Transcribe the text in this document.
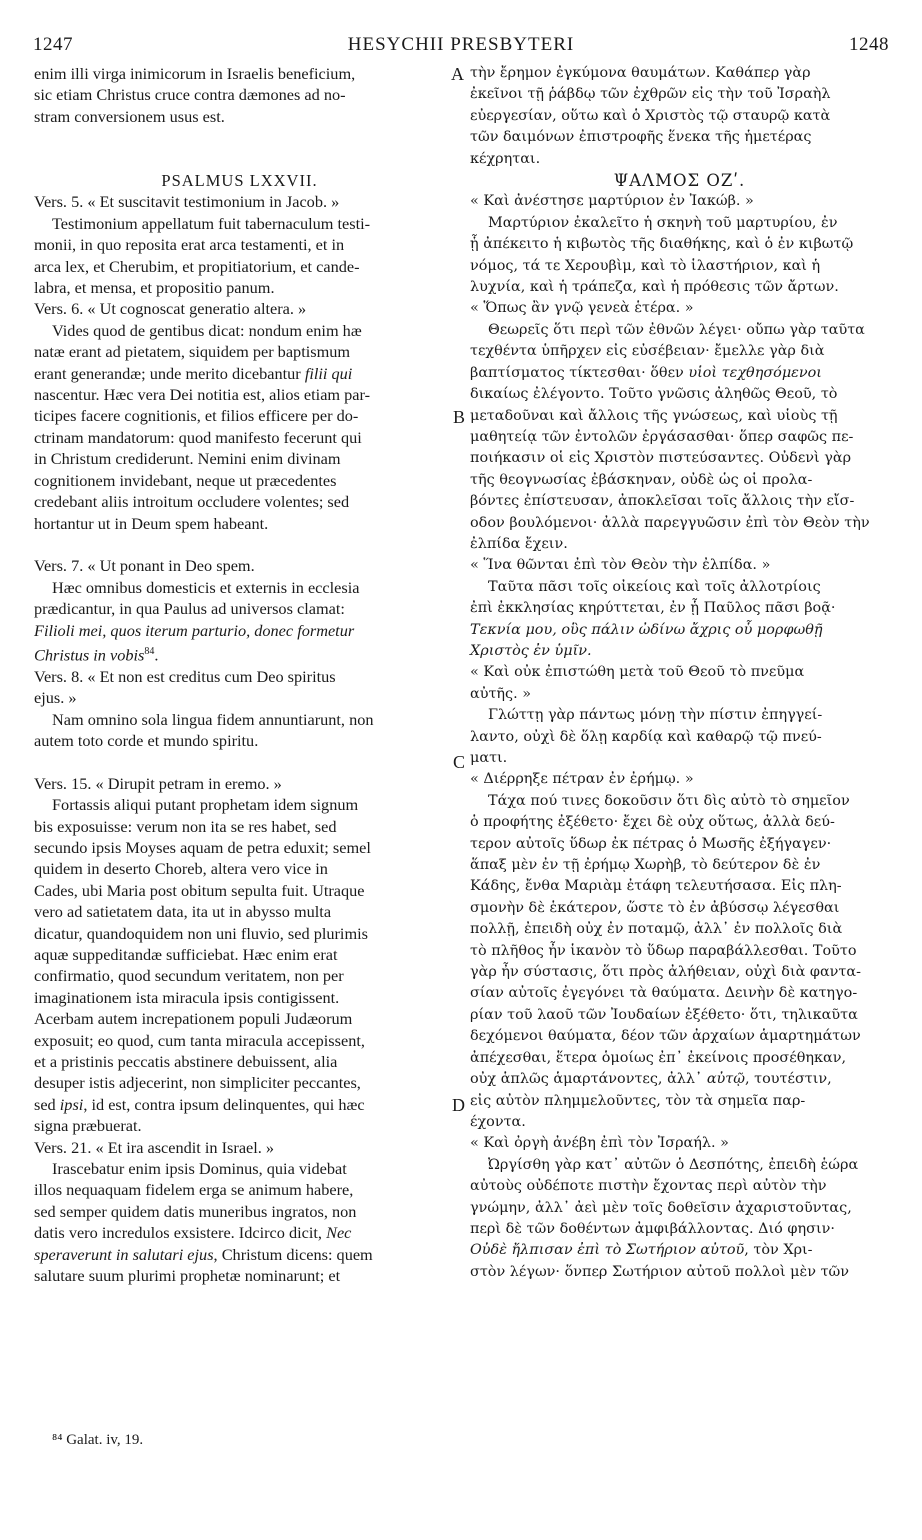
1247	HESYCHII PRESBYTERI	1248

enim illi virga inimicorum in Israelis beneficium,

sic etiam Christus cruce contra dæmones ad no-

stram conversionem usus est.

PSALMUS LXXVII.

Vers. 5. « Et suscitavit testimonium in Jacob. »

Testimonium appellatum fuit tabernaculum testi-

monii, in quo reposita erat arca testamenti, et in

arca lex, et Cherubim, et propitiatorium, et cande-

labra, et mensa, et propositio panum.

Vers. 6. « Ut cognoscat generatio altera. »

Vides quod de gentibus dicat: nondum enim hæ

natæ erant ad pietatem, siquidem per baptismum

erant generandæ; unde merito dicebantur filii qui

nascentur. Hæc vera Dei notitia est, alios etiam par-

ticipes facere cognitionis, et filios efficere per do-

ctrinam mandatorum: quod manifesto fecerunt qui

in Christum crediderunt. Nemini enim divinam

cognitionem invidebant, neque ut præcedentes

credebant aliis introitum occludere volentes; sed

hortantur ut in Deum spem habeant.

Vers. 7. « Ut ponant in Deo spem.

Hæc omnibus domesticis et externis in ecclesia

prædicantur, in qua Paulus ad universos clamat:

Filioli mei, quos iterum parturio, donec formetur

Christus in vobis$^{84}$.

Vers. 8. « Et non est creditus cum Deo spiritus

ejus. »

Nam omnino sola lingua fidem annuntiarunt, non

autem toto corde et mundo spiritu.

Vers. 15. « Dirupit petram in eremo. »

Fortassis aliqui putant prophetam idem signum

bis exposuisse: verum non ita se res habet, sed

secundo ipsis Moyses aquam de petra eduxit; semel

quidem in deserto Choreb, altera vero vice in

Cades, ubi Maria post obitum sepulta fuit. Utraque

vero ad satietatem data, ita ut in abysso multa

dicatur, quandoquidem non uni fluvio, sed plurimis

aquæ suppeditandæ sufficiebat. Hæc enim erat

confirmatio, quod secundum veritatem, non per

imaginationem ista miracula ipsis contigissent.

Acerbam autem increpationem populi Judæorum

exposuit; eo quod, cum tanta miracula accepissent,

et a pristinis peccatis abstinere debuissent, alia

desuper istis adjecerint, non simpliciter peccantes,

sed ipsi, id est, contra ipsum delinquentes, qui hæc

signa præbuerat.

Vers. 21. « Et ira ascendit in Israel. »

Irascebatur enim ipsis Dominus, quia videbat

illos nequaquam fidelem erga se animum habere,

sed semper quidem datis muneribus ingratos, non

datis vero incredulos exsistere. Idcirco dicit, Nec

speraverunt in salutari ejus, Christum dicens: quem

salutare suum plurimi prophetæ nominarunt; et

A
B
C
D

τὴν ἔρημον ἐγκύμονα θαυμάτων. Καθάπερ γὰρ

ἐκεῖνοι τῇ ῥάβδῳ τῶν ἐχθρῶν εἰς τὴν τοῦ Ἰσραὴλ

εὐεργεσίαν, οὕτω καὶ ὁ Χριστὸς τῷ σταυρῷ κατὰ

τῶν δαιμόνων ἐπιστροφῆς ἕνεκα τῆς ἡμετέρας

κέχρηται.

ΨΑΛΜΟΣ ΟΖʹ.

« Καὶ ἀνέστησε μαρτύριον ἐν Ἰακώβ. »

Μαρτύριον ἐκαλεῖτο ἡ σκηνὴ τοῦ μαρτυρίου, ἐν

ᾗ ἀπέκειτο ἡ κιβωτὸς τῆς διαθήκης, καὶ ὁ ἐν κιβωτῷ

νόμος, τά τε Χερουβὶμ, καὶ τὸ ἱλαστήριον, καὶ ἡ

λυχνία, καὶ ἡ τράπεζα, καὶ ἡ πρόθεσις τῶν ἄρτων.

« Ὅπως ἂν γνῷ γενεὰ ἑτέρα. »

Θεωρεῖς ὅτι περὶ τῶν ἐθνῶν λέγει· οὔπω γὰρ ταῦτα

τεχθέντα ὑπῆρχεν εἰς εὐσέβειαν· ἔμελλε γὰρ διὰ

βαπτίσματος τίκτεσθαι· ὅθεν υἱοὶ τεχθησόμενοι

δικαίως ἐλέγοντο. Τοῦτο γνῶσις ἀληθῶς Θεοῦ, τὸ

μεταδοῦναι καὶ ἄλλοις τῆς γνώσεως, καὶ υἱοὺς τῇ

μαθητείᾳ τῶν ἐντολῶν ἐργάσασθαι· ὅπερ σαφῶς πε-

ποιήκασιν οἱ εἰς Χριστὸν πιστεύσαντες. Οὐδενὶ γὰρ

τῆς θεογνωσίας ἐβάσκηναν, οὐδὲ ὡς οἱ προλα-

βόντες ἐπίστευσαν, ἀποκλεῖσαι τοῖς ἄλλοις τὴν εἴσ-

οδον βουλόμενοι· ἀλλὰ παρεγγυῶσιν ἐπὶ τὸν Θεὸν τὴν

ἐλπίδα ἔχειν.

« Ἵνα θῶνται ἐπὶ τὸν Θεὸν τὴν ἐλπίδα. »

Ταῦτα πᾶσι τοῖς οἰκείοις καὶ τοῖς ἀλλοτρίοις

ἐπὶ ἐκκλησίας κηρύττεται, ἐν ᾗ Παῦλος πᾶσι βοᾷ·

Τεκνία μου, οὓς πάλιν ὠδίνω ἄχρις οὗ μορφωθῇ

Χριστὸς ἐν ὑμῖν.

« Καὶ οὐκ ἐπιστώθη μετὰ τοῦ Θεοῦ τὸ πνεῦμα

αὐτῆς. »

Γλώττῃ γὰρ πάντως μόνῃ τὴν πίστιν ἐπηγγεί-

λαντο, οὐχὶ δὲ ὅλῃ καρδίᾳ καὶ καθαρῷ τῷ πνεύ-

ματι.

« Διέρρηξε πέτραν ἐν ἐρήμῳ. »

Τάχα πού τινες δοκοῦσιν ὅτι δὶς αὐτὸ τὸ σημεῖον

ὁ προφήτης ἐξέθετο· ἔχει δὲ οὐχ οὕτως, ἀλλὰ δεύ-

τερον αὐτοῖς ὕδωρ ἐκ πέτρας ὁ Μωσῆς ἐξήγαγεν·

ἅπαξ μὲν ἐν τῇ ἐρήμῳ Χωρὴβ, τὸ δεύτερον δὲ ἐν

Κάδης, ἔνθα Μαριὰμ ἐτάφη τελευτήσασα. Εἰς πλη-

σμονὴν δὲ ἑκάτερον, ὥστε τὸ ἐν ἀβύσσῳ λέγεσθαι

πολλῇ, ἐπειδὴ οὐχ ἐν ποταμῷ, ἀλλ᾽ ἐν πολλοῖς διὰ

τὸ πλῆθος ἦν ἱκανὸν τὸ ὕδωρ παραβάλλεσθαι. Τοῦτο

γὰρ ἦν σύστασις, ὅτι πρὸς ἀλήθειαν, οὐχὶ διὰ φαντα-

σίαν αὐτοῖς ἐγεγόνει τὰ θαύματα. Δεινὴν δὲ κατηγο-

ρίαν τοῦ λαοῦ τῶν Ἰουδαίων ἐξέθετο· ὅτι, τηλικαῦτα

δεχόμενοι θαύματα, δέον τῶν ἀρχαίων ἁμαρτημάτων

ἀπέχεσθαι, ἕτερα ὁμοίως ἐπ᾽ ἐκείνοις προσέθηκαν,

οὐχ ἁπλῶς ἁμαρτάνοντες, ἀλλ᾽ αὐτῷ, τουτέστιν,

εἰς αὐτὸν πλημμελοῦντες, τὸν τὰ σημεῖα παρ-

έχοντα.

« Καὶ ὀργὴ ἀνέβη ἐπὶ τὸν Ἰσραήλ. »

Ὠργίσθη γὰρ κατ᾽ αὐτῶν ὁ Δεσπότης, ἐπειδὴ ἑώρα

αὐτοὺς οὐδέποτε πιστὴν ἔχοντας περὶ αὐτὸν τὴν

γνώμην, ἀλλ᾽ ἀεὶ μὲν τοῖς δοθεῖσιν ἀχαριστοῦντας,

περὶ δὲ τῶν δοθέντων ἀμφιβάλλοντας. Διό φησιν·

Οὐδὲ ἤλπισαν ἐπὶ τὸ Σωτήριον αὐτοῦ, τὸν Χρι-

στὸν λέγων· ὅνπερ Σωτήριον αὐτοῦ πολλοὶ μὲν τῶν

⁸⁴ Galat. iv, 19.
